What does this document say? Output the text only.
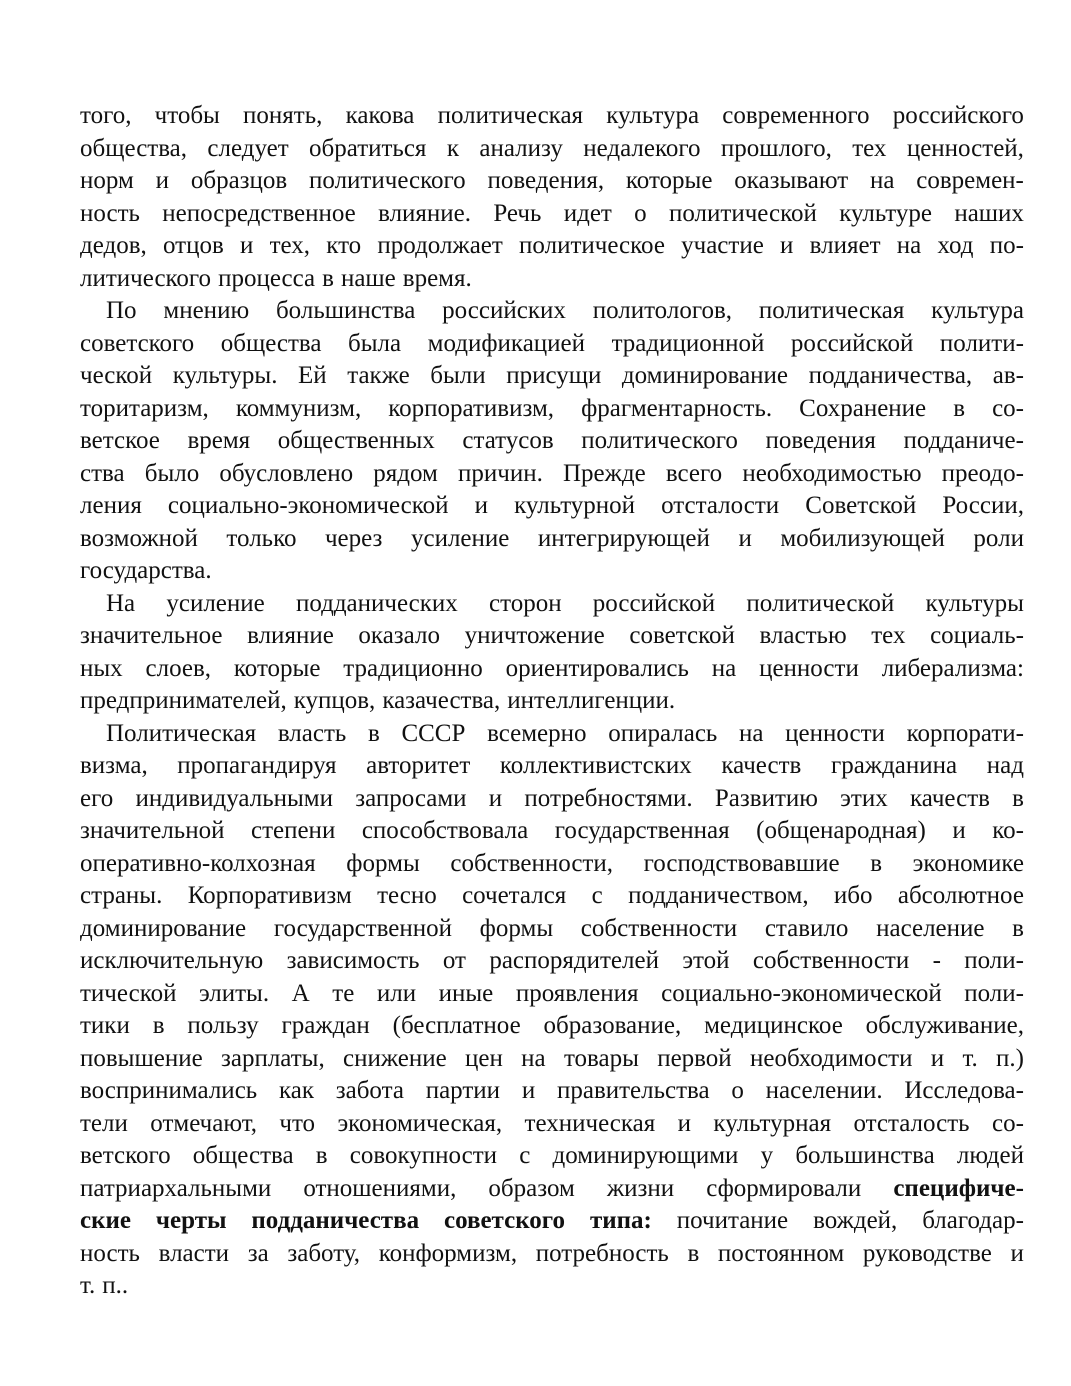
того, чтобы понять, какова политическая культура современного российского
общества, следует обратиться к анализу недалекого прошлого, тех ценностей,
норм и образцов политического поведения, которые оказывают на современ-
ность непосредственное влияние. Речь идет о политической культуре наших
дедов, отцов и тех, кто продолжает политическое участие и влияет на ход по-
литического процесса в наше время.
По мнению большинства российских политологов, политическая культура
советского общества была модификацией традиционной российской полити-
ческой культуры. Ей также были присущи доминирование подданичества, ав-
торитаризм, коммунизм, корпоративизм, фрагментарность. Сохранение в со-
ветское время общественных статусов политического поведения подданиче-
ства было обусловлено рядом причин. Прежде всего необходимостью преодо-
ления социально-экономической и культурной отсталости Советской России,
возможной только через усиление интегрирующей и мобилизующей роли
государства.
На усиление подданических сторон российской политической культуры
значительное влияние оказало уничтожение советской властью тех социаль-
ных слоев, которые традиционно ориентировались на ценности либерализма:
предпринимателей, купцов, казачества, интеллигенции.
Политическая власть в СССР всемерно опиралась на ценности корпорати-
визма, пропагандируя авторитет коллективистских качеств гражданина над
его индивидуальными запросами и потребностями. Развитию этих качеств в
значительной степени способствовала государственная (общенародная) и ко-
оперативно-колхозная формы собственности, господствовавшие в экономике
страны. Корпоративизм тесно сочетался с подданичеством, ибо абсолютное
доминирование государственной формы собственности ставило население в
исключительную зависимость от распорядителей этой собственности - поли-
тической элиты. А те или иные проявления социально-экономической поли-
тики в пользу граждан (бесплатное образование, медицинское обслуживание,
повышение зарплаты, снижение цен на товары первой необходимости и т. п.)
воспринимались как забота партии и правительства о населении. Исследова-
тели отмечают, что экономическая, техническая и культурная отсталость со-
ветского общества в совокупности с доминирующими у большинства людей
патриархальными отношениями, образом жизни сформировали специфиче-
ские черты подданичества советского типа: почитание вождей, благодар-
ность власти за заботу, конформизм, потребность в постоянном руководстве и
т. п..
